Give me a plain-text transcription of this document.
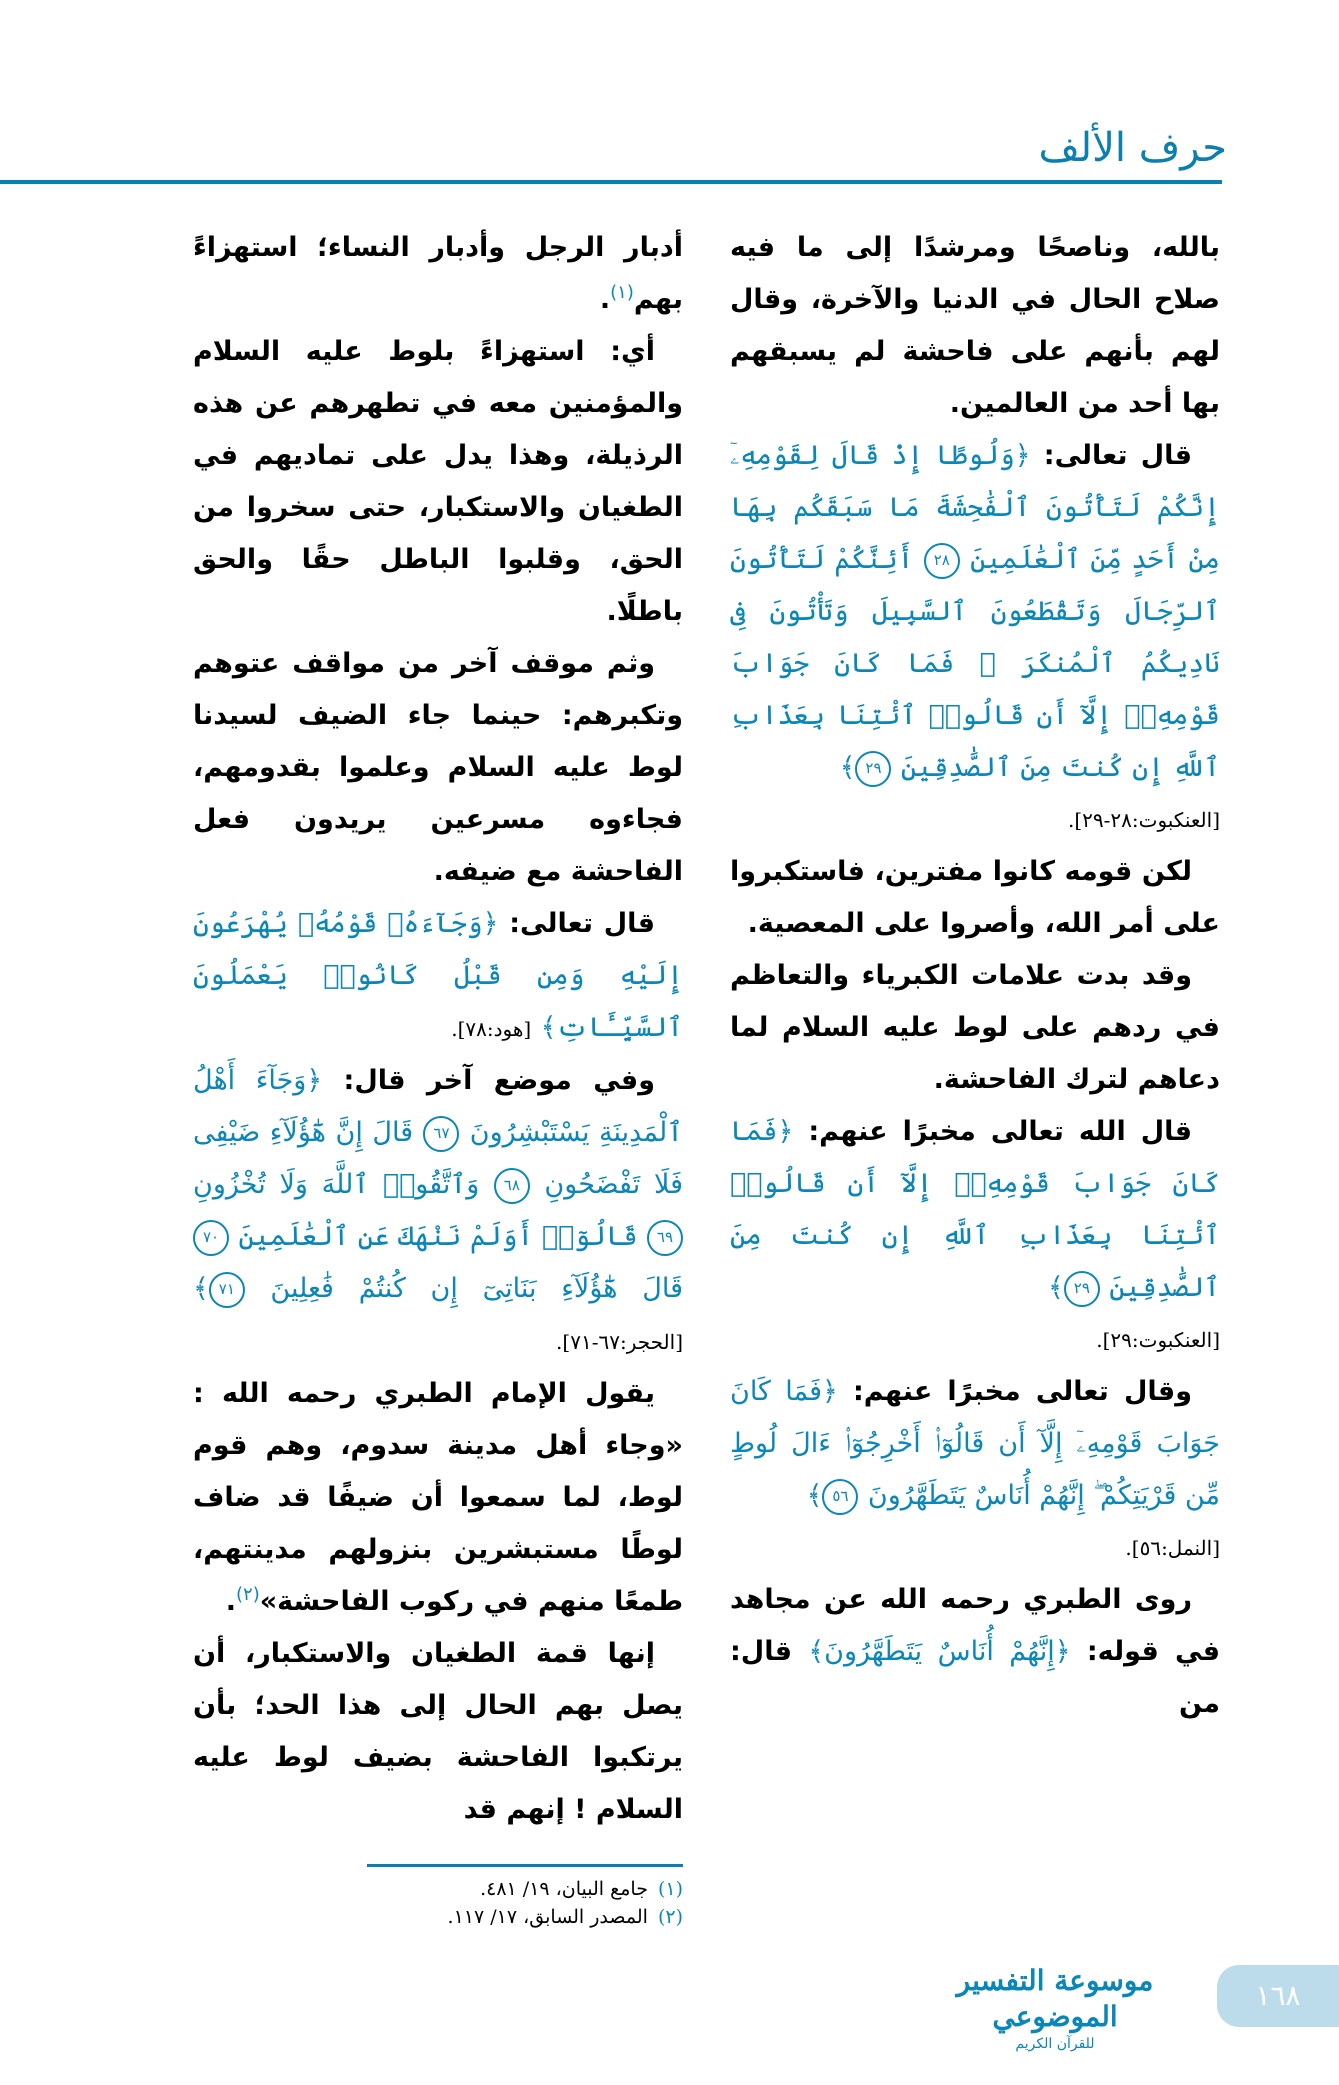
حرف الألف

بالله، وناصحًا ومرشدًا إلى ما فيه صلاح الحال في الدنيا والآخرة، وقال لهم بأنهم على فاحشة لم يسبقهم بها أحد من العالمين.

قال تعالى: ﴿وَلُوطًا إِذْ قَالَ لِقَوْمِهِۦٓ إِنَّكُمْ لَتَأْتُونَ ٱلْفَٰحِشَةَ مَا سَبَقَكُم بِهَا مِنْ أَحَدٍ مِّنَ ٱلْعَٰلَمِينَ ٢٨ أَئِنَّكُمْ لَتَأْتُونَ ٱلرِّجَالَ وَتَقْطَعُونَ ٱلسَّبِيلَ وَتَأْتُونَ فِى نَادِيكُمُ ٱلْمُنكَرَ ۖ فَمَا كَانَ جَوَابَ قَوْمِهِۦٓ إِلَّآ أَن قَالُوا۟ ٱئْتِنَا بِعَذَابِ ٱللَّهِ إِن كُنتَ مِنَ ٱلصَّٰدِقِينَ ٢٩﴾

[العنكبوت:٢٨-٢٩].

لكن قومه كانوا مفترين، فاستكبروا على أمر الله، وأصروا على المعصية.

وقد بدت علامات الكبرياء والتعاظم في ردهم على لوط عليه السلام لما دعاهم لترك الفاحشة.

قال الله تعالى مخبرًا عنهم: ﴿فَمَا كَانَ جَوَابَ قَوْمِهِۦٓ إِلَّآ أَن قَالُوا۟ ٱئْتِنَا بِعَذَابِ ٱللَّهِ إِن كُنتَ مِنَ ٱلصَّٰدِقِينَ ٢٩﴾

[العنكبوت:٢٩].

وقال تعالى مخبرًا عنهم: ﴿فَمَا كَانَ جَوَابَ قَوْمِهِۦٓ إِلَّآ أَن قَالُوٓا۟ أَخْرِجُوٓا۟ ءَالَ لُوطٍ مِّن قَرْيَتِكُمْ ۖ إِنَّهُمْ أُنَاسٌ يَتَطَهَّرُونَ ٥٦﴾

[النمل:٥٦].

روى الطبري رحمه الله عن مجاهد في قوله: ﴿إِنَّهُمْ أُنَاسٌ يَتَطَهَّرُونَ﴾ قال: من

أدبار الرجل وأدبار النساء؛ استهزاءً بهم$^{(١)}$.

أي: استهزاءً بلوط عليه السلام والمؤمنين معه في تطهرهم عن هذه الرذيلة، وهذا يدل على تماديهم في الطغيان والاستكبار، حتى سخروا من الحق، وقلبوا الباطل حقًا والحق باطلًا.

وثم موقف آخر من مواقف عتوهم وتكبرهم: حينما جاء الضيف لسيدنا لوط عليه السلام وعلموا بقدومهم، فجاءوه مسرعين يريدون فعل الفاحشة مع ضيفه.

قال تعالى: ﴿وَجَآءَهُۥ قَوْمُهُۥ يُهْرَعُونَ إِلَيْهِ وَمِن قَبْلُ كَانُوا۟ يَعْمَلُونَ ٱلسَّيِّـَٔاتِ﴾ [هود:٧٨].

وفي موضع آخر قال: ﴿وَجَآءَ أَهْلُ ٱلْمَدِينَةِ يَسْتَبْشِرُونَ ٦٧ قَالَ إِنَّ هَٰٓؤُلَآءِ ضَيْفِى فَلَا تَفْضَحُونِ ٦٨ وَٱتَّقُوا۟ ٱللَّهَ وَلَا تُخْزُونِ ٦٩ قَالُوٓا۟ أَوَلَمْ نَنْهَكَ عَنِ ٱلْعَٰلَمِينَ ٧٠ قَالَ هَٰٓؤُلَآءِ بَنَاتِىٓ إِن كُنتُمْ فَٰعِلِينَ ٧١﴾ [الحجر:٦٧-٧١].

يقول الإمام الطبري رحمه الله : «وجاء أهل مدينة سدوم، وهم قوم لوط، لما سمعوا أن ضيفًا قد ضاف لوطًا مستبشرين بنزولهم مدينتهم، طمعًا منهم في ركوب الفاحشة»$^{(٢)}$.

إنها قمة الطغيان والاستكبار، أن يصل بهم الحال إلى هذا الحد؛ بأن يرتكبوا الفاحشة بضيف لوط عليه السلام ! إنهم قد

(١)جامع البيان، ١٩/ ٤٨١.
(٢)المصدر السابق، ١٧/ ١١٧.
موسوعة التفسير الموضوعي
للقرآن الكريم
١٦٨
